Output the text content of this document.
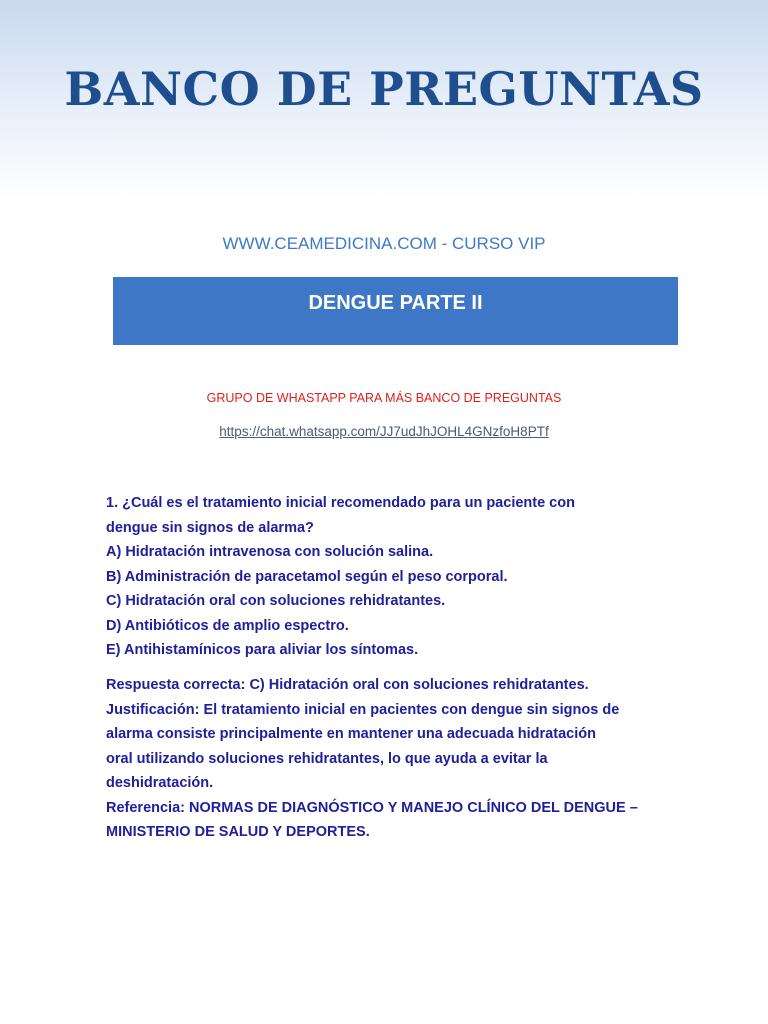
BANCO DE PREGUNTAS
WWW.CEAMEDICINA.COM - CURSO VIP
DENGUE PARTE II
GRUPO DE WHASTAPP PARA MÁS BANCO DE PREGUNTAS
https://chat.whatsapp.com/JJ7udJhJOHL4GNzfoH8PTf
1. ¿Cuál es el tratamiento inicial recomendado para un paciente con
dengue sin signos de alarma?
A) Hidratación intravenosa con solución salina.
B) Administración de paracetamol según el peso corporal.
C) Hidratación oral con soluciones rehidratantes.
D) Antibióticos de amplio espectro.
E) Antihistamínicos para aliviar los síntomas.
Respuesta correcta: C) Hidratación oral con soluciones rehidratantes.
Justificación: El tratamiento inicial en pacientes con dengue sin signos de
alarma consiste principalmente en mantener una adecuada hidratación
oral utilizando soluciones rehidratantes, lo que ayuda a evitar la
deshidratación.
Referencia: NORMAS DE DIAGNÓSTICO Y MANEJO CLÍNICO DEL DENGUE –
MINISTERIO DE SALUD Y DEPORTES.
